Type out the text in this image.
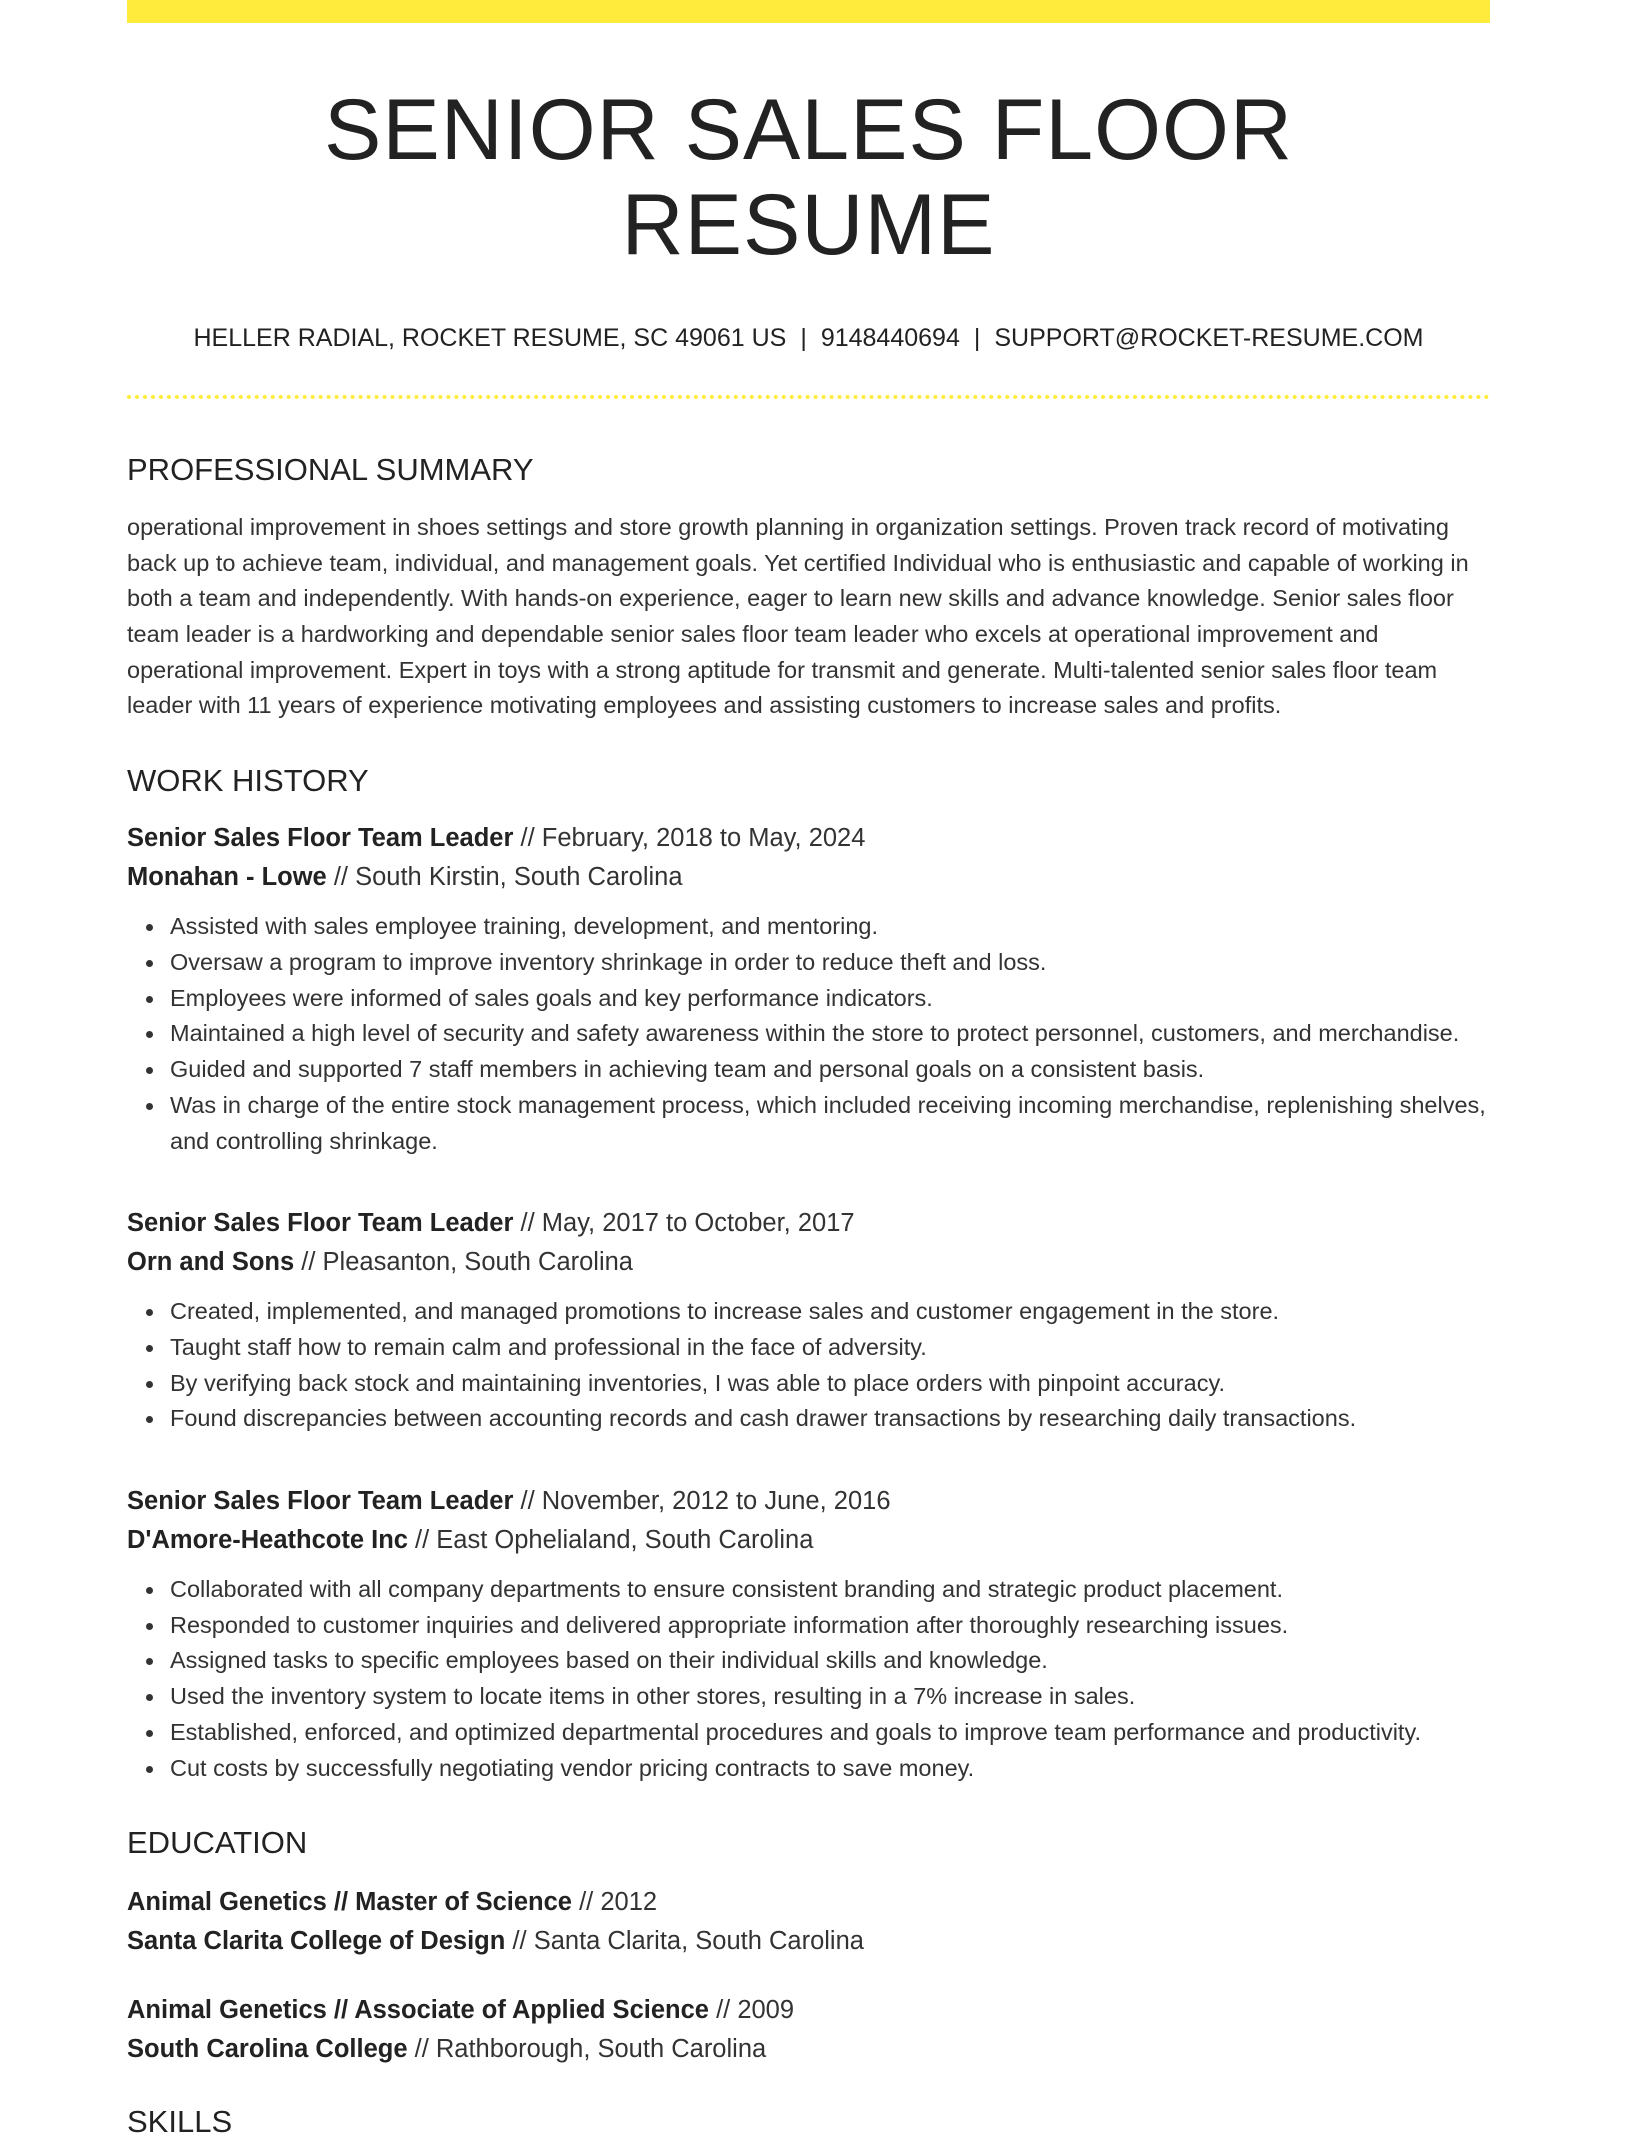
SENIOR SALES FLOOR RESUME
HELLER RADIAL, ROCKET RESUME, SC 49061 US | 9148440694 | SUPPORT@ROCKET-RESUME.COM
PROFESSIONAL SUMMARY
operational improvement in shoes settings and store growth planning in organization settings. Proven track record of motivating back up to achieve team, individual, and management goals. Yet certified Individual who is enthusiastic and capable of working in both a team and independently. With hands-on experience, eager to learn new skills and advance knowledge. Senior sales floor team leader is a hardworking and dependable senior sales floor team leader who excels at operational improvement and operational improvement. Expert in toys with a strong aptitude for transmit and generate. Multi-talented senior sales floor team leader with 11 years of experience motivating employees and assisting customers to increase sales and profits.
WORK HISTORY
Senior Sales Floor Team Leader // February, 2018 to May, 2024
Monahan - Lowe // South Kirstin, South Carolina
Assisted with sales employee training, development, and mentoring.
Oversaw a program to improve inventory shrinkage in order to reduce theft and loss.
Employees were informed of sales goals and key performance indicators.
Maintained a high level of security and safety awareness within the store to protect personnel, customers, and merchandise.
Guided and supported 7 staff members in achieving team and personal goals on a consistent basis.
Was in charge of the entire stock management process, which included receiving incoming merchandise, replenishing shelves, and controlling shrinkage.
Senior Sales Floor Team Leader // May, 2017 to October, 2017
Orn and Sons // Pleasanton, South Carolina
Created, implemented, and managed promotions to increase sales and customer engagement in the store.
Taught staff how to remain calm and professional in the face of adversity.
By verifying back stock and maintaining inventories, I was able to place orders with pinpoint accuracy.
Found discrepancies between accounting records and cash drawer transactions by researching daily transactions.
Senior Sales Floor Team Leader // November, 2012 to June, 2016
D'Amore-Heathcote Inc // East Ophelialand, South Carolina
Collaborated with all company departments to ensure consistent branding and strategic product placement.
Responded to customer inquiries and delivered appropriate information after thoroughly researching issues.
Assigned tasks to specific employees based on their individual skills and knowledge.
Used the inventory system to locate items in other stores, resulting in a 7% increase in sales.
Established, enforced, and optimized departmental procedures and goals to improve team performance and productivity.
Cut costs by successfully negotiating vendor pricing contracts to save money.
EDUCATION
Animal Genetics // Master of Science // 2012
Santa Clarita College of Design // Santa Clarita, South Carolina
Animal Genetics // Associate of Applied Science // 2009
South Carolina College // Rathborough, South Carolina
SKILLS
